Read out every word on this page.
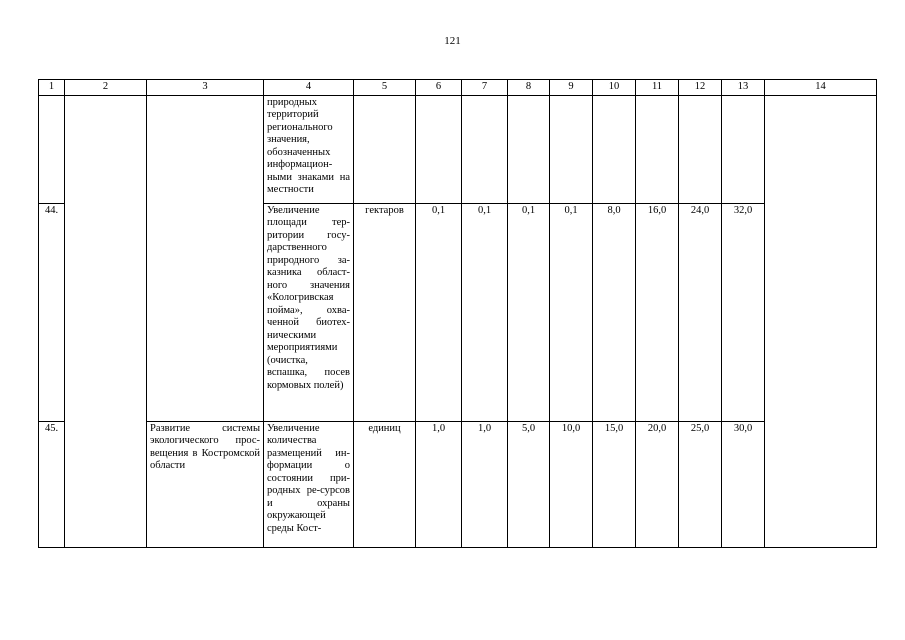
121
1	2	3	4	5	6	7	8	9	10	11	12	13	14
			природных территорий регионального значения, обозначенных информацион-ными знаками на местности										
44.			Увеличение площади тер-ритории госу-дарственного природного за-казника област-ного значения «Кологривская пойма», охва-ченной биотех-ническими мероприятиями (очистка, вспашка, посев кормовых полей)	гектаров	0,1	0,1	0,1	0,1	8,0	16,0	24,0	32,0	
45.		Развитие системы экологического прос-вещения в Костромской области	Увеличение количества размещений ин-формации о состоянии при-родных ре-сурсов и охраны окружающей среды Кост-	единиц	1,0	1,0	5,0	10,0	15,0	20,0	25,0	30,0	
